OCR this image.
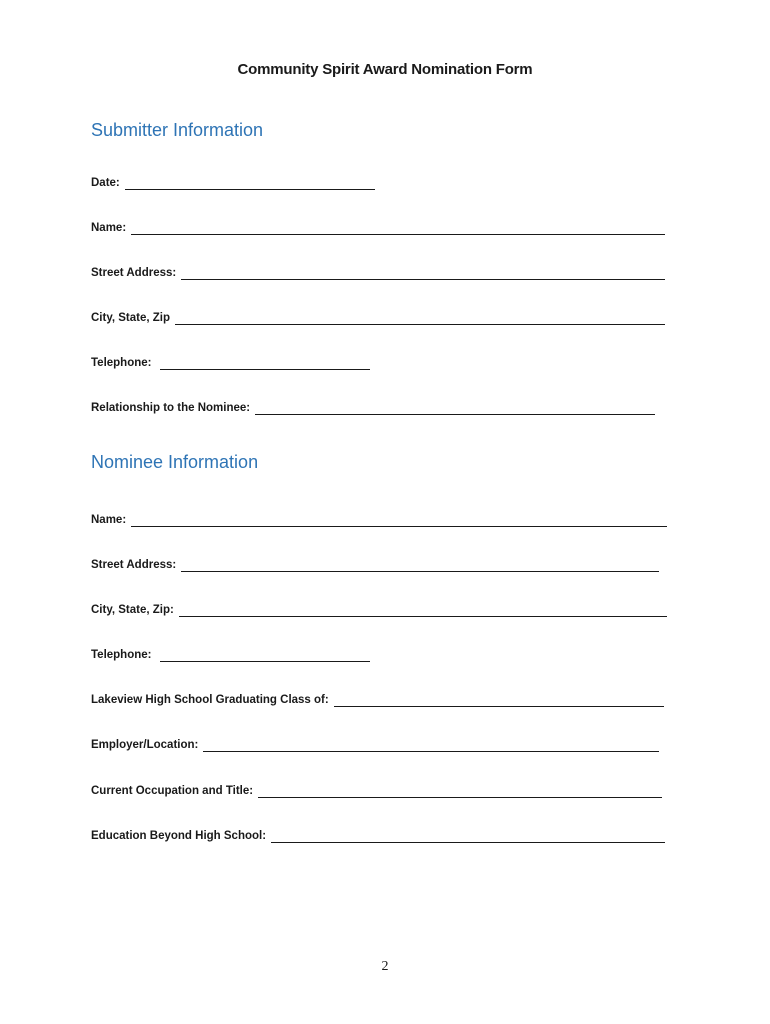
Community Spirit Award Nomination Form
Submitter Information
Date:
Name:
Street Address:
City, State, Zip
Telephone:
Relationship to the Nominee:
Nominee Information
Name:
Street Address:
City, State, Zip:
Telephone:
Lakeview High School Graduating Class of:
Employer/Location:
Current Occupation and Title:
Education Beyond High School:
2
